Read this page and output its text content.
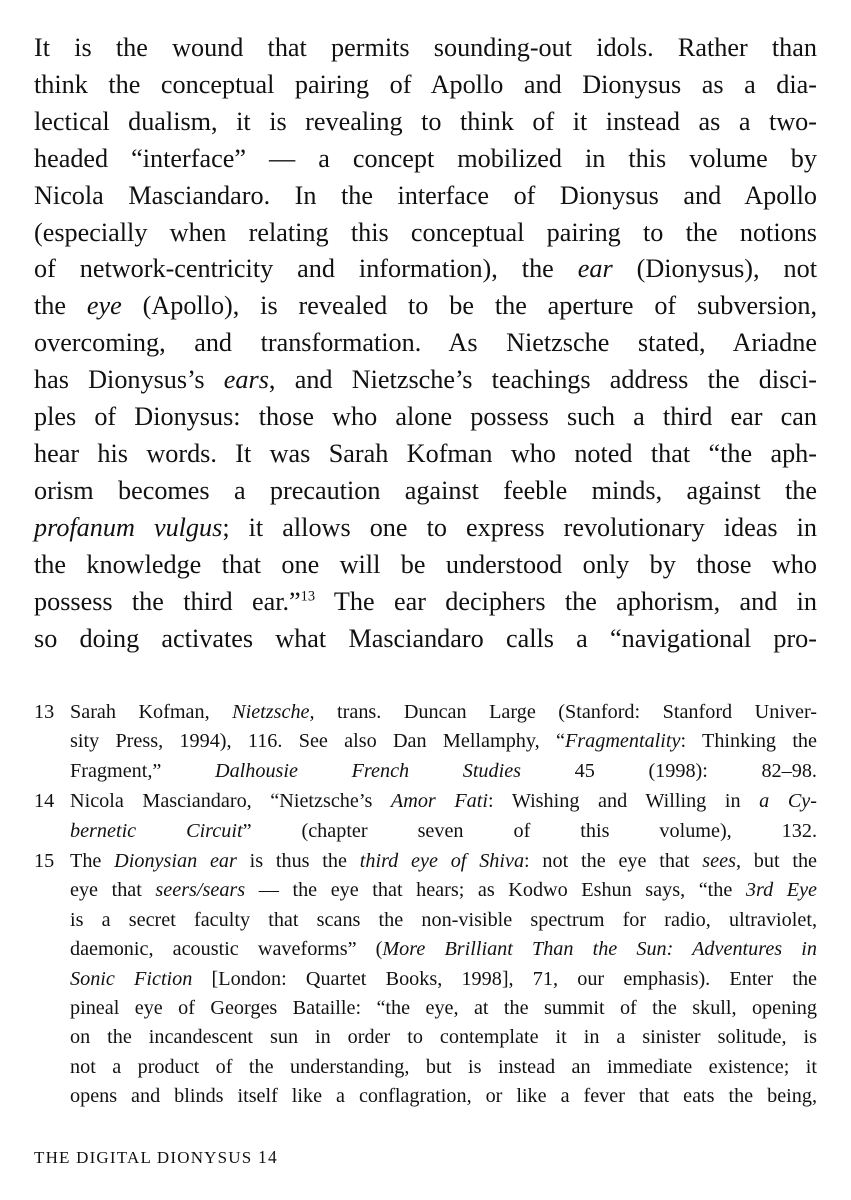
It is the wound that permits sounding-out idols. Rather than
think the conceptual pairing of Apollo and Dionysus as a dia-
lectical dualism, it is revealing to think of it instead as a two-
headed “interface” — a concept mobilized in this volume by
Nicola Masciandaro. In the interface of Dionysus and Apollo
(especially when relating this conceptual pairing to the notions
of network-centricity and information), the ear (Dionysus), not
the eye (Apollo), is revealed to be the aperture of subversion,
overcoming, and transformation. As Nietzsche stated, Ariadne
has Dionysus’s ears, and Nietzsche’s teachings address the disci-
ples of Dionysus: those who alone possess such a third ear can
hear his words. It was Sarah Kofman who noted that “the aph-
orism becomes a precaution against feeble minds, against the
profanum vulgus; it allows one to express revolutionary ideas in
the knowledge that one will be understood only by those who
possess the third ear.”$^{13}$ The ear deciphers the aphorism, and in
so doing activates what Masciandaro calls a “navigational pro-

13 Sarah Kofman, Nietzsche, trans. Duncan Large (Stanford: Stanford Univer-
sity Press, 1994), 116. See also Dan Mellamphy, “Fragmentality: Thinking the
Fragment,” Dalhousie French Studies 45 (1998): 82–98.
14 Nicola Masciandaro, “Nietzsche’s Amor Fati: Wishing and Willing in a Cy-
bernetic Circuit” (chapter seven of this volume), 132.
15 The Dionysian ear is thus the third eye of Shiva: not the eye that sees, but the
eye that seers/sears — the eye that hears; as Kodwo Eshun says, “the 3rd Eye
is a secret faculty that scans the non-visible spectrum for radio, ultraviolet,
daemonic, acoustic waveforms” (More Brilliant Than the Sun: Adventures in
Sonic Fiction [London: Quartet Books, 1998], 71, our emphasis). Enter the
pineal eye of Georges Bataille: “the eye, at the summit of the skull, opening
on the incandescent sun in order to contemplate it in a sinister solitude, is
not a product of the understanding, but is instead an immediate existence; it
opens and blinds itself like a conflagration, or like a fever that eats the being,
THE DIGITAL DIONYSUS 14
